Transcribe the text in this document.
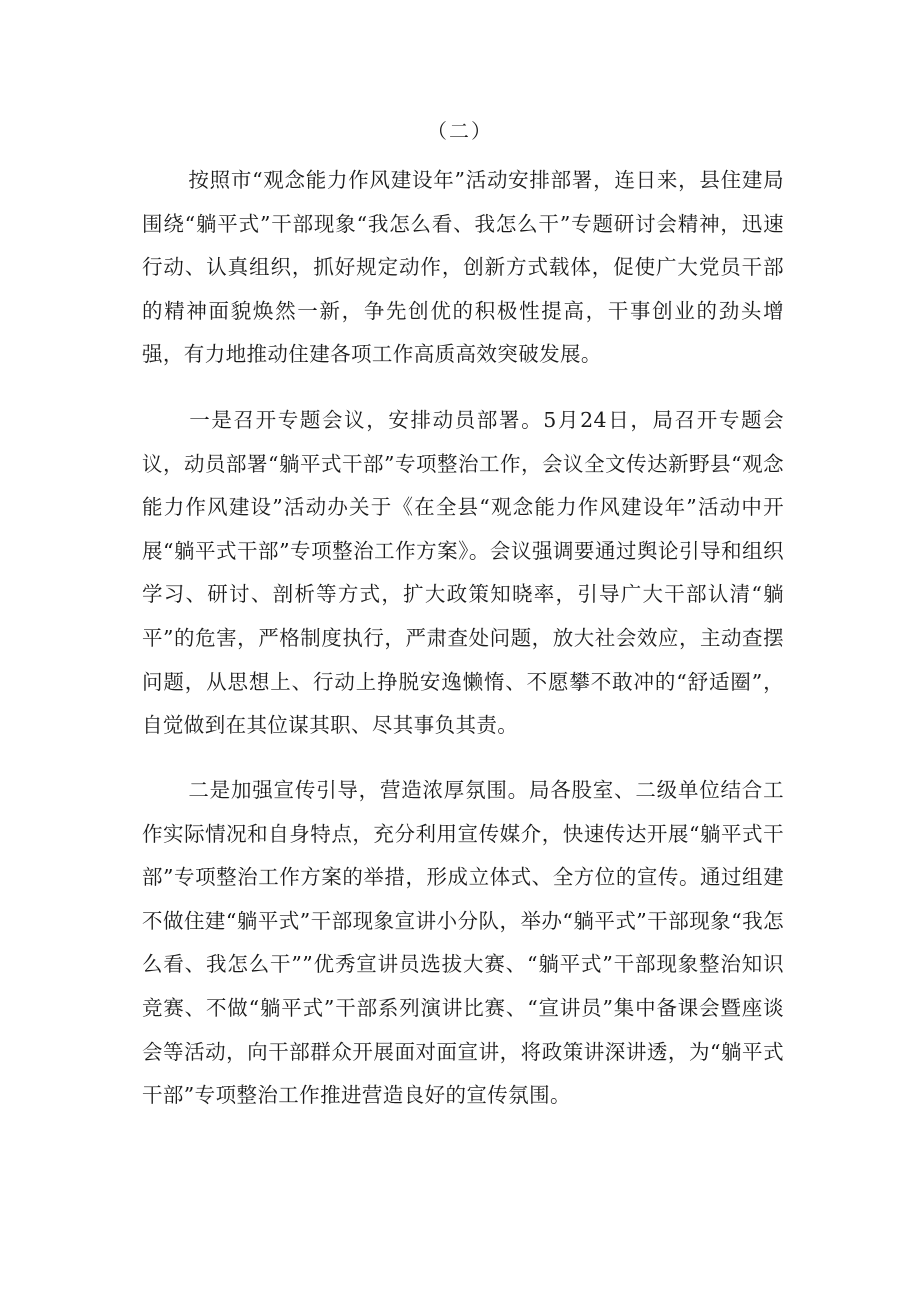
（二）

按照市“观念能力作风建设年”活动安排部署，连日来，县住建局围绕“躺平式”干部现象“我怎么看、我怎么干”专题研讨会精神，迅速行动、认真组织，抓好规定动作，创新方式载体，促使广大党员干部的精神面貌焕然一新，争先创优的积极性提高，干事创业的劲头增强，有力地推动住建各项工作高质高效突破发展。

一是召开专题会议，安排动员部署。5月24日，局召开专题会议，动员部署“躺平式干部”专项整治工作，会议全文传达新野县“观念能力作风建设”活动办关于《在全县“观念能力作风建设年”活动中开展“躺平式干部”专项整治工作方案》。会议强调要通过舆论引导和组织学习、研讨、剖析等方式，扩大政策知晓率，引导广大干部认清“躺平”的危害，严格制度执行，严肃查处问题，放大社会效应，主动查摆问题，从思想上、行动上挣脱安逸懒惰、不愿攀不敢冲的“舒适圈”，自觉做到在其位谋其职、尽其事负其责。

二是加强宣传引导，营造浓厚氛围。局各股室、二级单位结合工作实际情况和自身特点，充分利用宣传媒介，快速传达开展“躺平式干部”专项整治工作方案的举措，形成立体式、全方位的宣传。通过组建不做住建“躺平式”干部现象宣讲小分队，举办“躺平式”干部现象“我怎么看、我怎么干””优秀宣讲员选拔大赛、“躺平式”干部现象整治知识竞赛、不做“躺平式”干部系列演讲比赛、“宣讲员”集中备课会暨座谈会等活动，向干部群众开展面对面宣讲，将政策讲深讲透，为“躺平式干部”专项整治工作推进营造良好的宣传氛围。
